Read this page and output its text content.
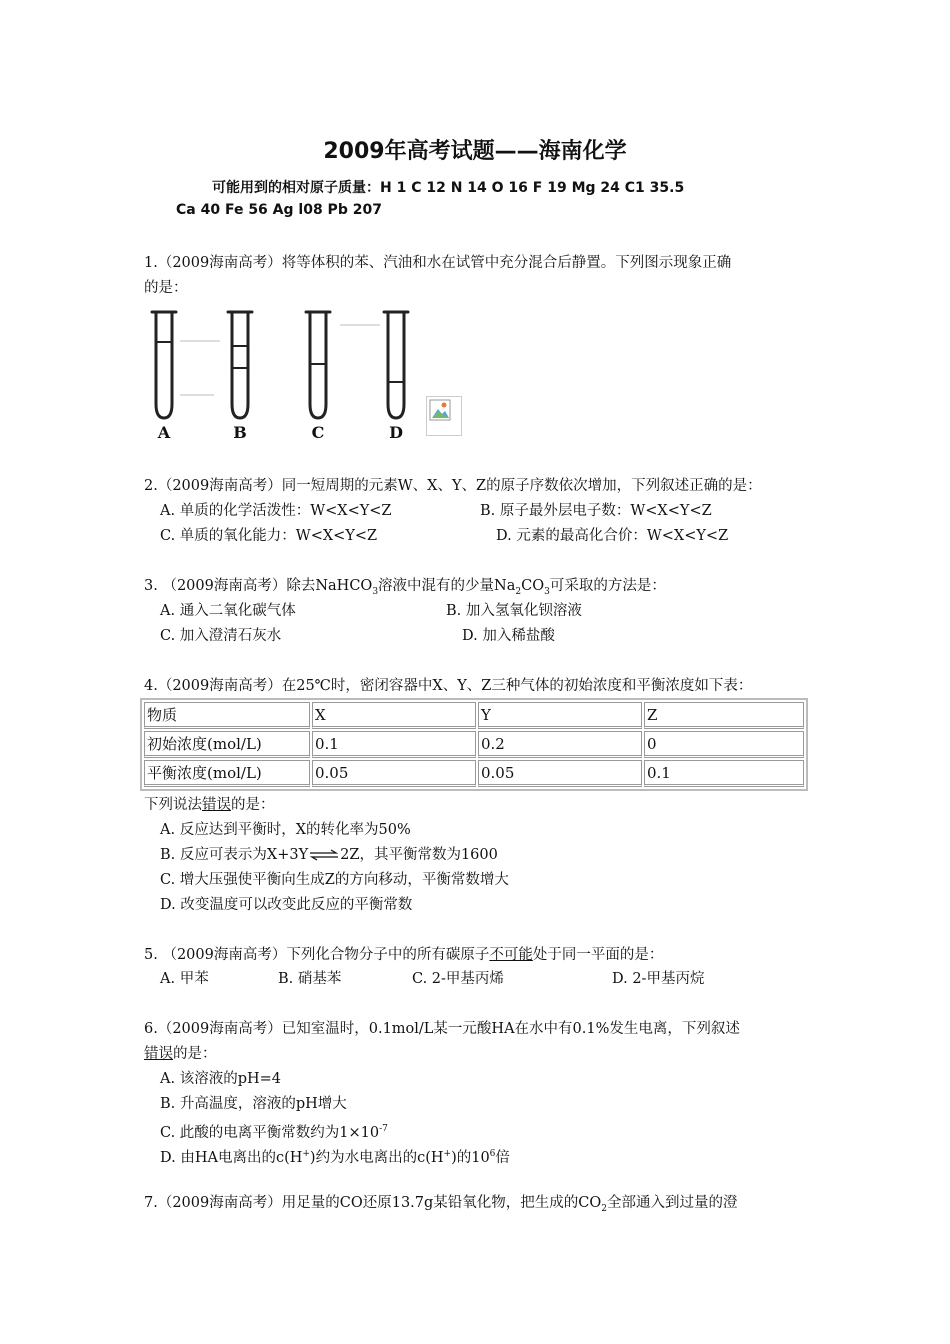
2009年高考试题——海南化学
可能用到的相对原子质量：H 1 C 12 N 14 O 16 F 19 Mg 24 C1 35.5
Ca 40 Fe 56 Ag l08 Pb 207
1.（2009海南高考）将等体积的苯、汽油和水在试管中充分混合后静置。下列图示现象正确
的是：
A	B	C	D
2.（2009海南高考）同一短周期的元素W、X、Y、Z的原子序数依次增加，下列叙述正确的是：
A. 单质的化学活泼性：W<X<Y<Z	B. 原子最外层电子数：W<X<Y<Z
C. 单质的氧化能力：W<X<Y<Z	D. 元素的最高化合价：W<X<Y<Z
3. （2009海南高考）除去NaHCO$_3$溶液中混有的少量$Na_2CO_3$可采取的方法是：
A. 通入二氧化碳气体	B. 加入氢氧化钡溶液
C. 加入澄清石灰水	D. 加入稀盐酸
4.（2009海南高考）在25℃时，密闭容器中X、Y、Z三种气体的初始浓度和平衡浓度如下表：
物质	X	Y	Z
初始浓度(mol/L)	0.1	0.2	0
平衡浓度(mol/L)	0.05	0.05	0.1
下列说法错误的是：
A. 反应达到平衡时，X的转化率为50%
B. 反应可表示为X+3Y⇌2Z，其平衡常数为1600
C. 增大压强使平衡向生成Z的方向移动，平衡常数增大
D. 改变温度可以改变此反应的平衡常数
5. （2009海南高考）下列化合物分子中的所有碳原子不可能处于同一平面的是：
A. 甲苯	B. 硝基苯	C. 2-甲基丙烯	D. 2-甲基丙烷
6.（2009海南高考）已知室温时，0.1mol/L某一元酸HA在水中有0.1%发生电离，下列叙述
错误的是：
A. 该溶液的pH=4
B. 升高温度，溶液的pH增大
C. 此酸的电离平衡常数约为$1\times 10^{-7}$
D. 由HA电离出的c(H+)约为水电离出的c(H+)的$10^6$倍
7.（2009海南高考）用足量的CO还原13.7g某铅氧化物，把生成的$CO_2$全部通入到过量的澄
